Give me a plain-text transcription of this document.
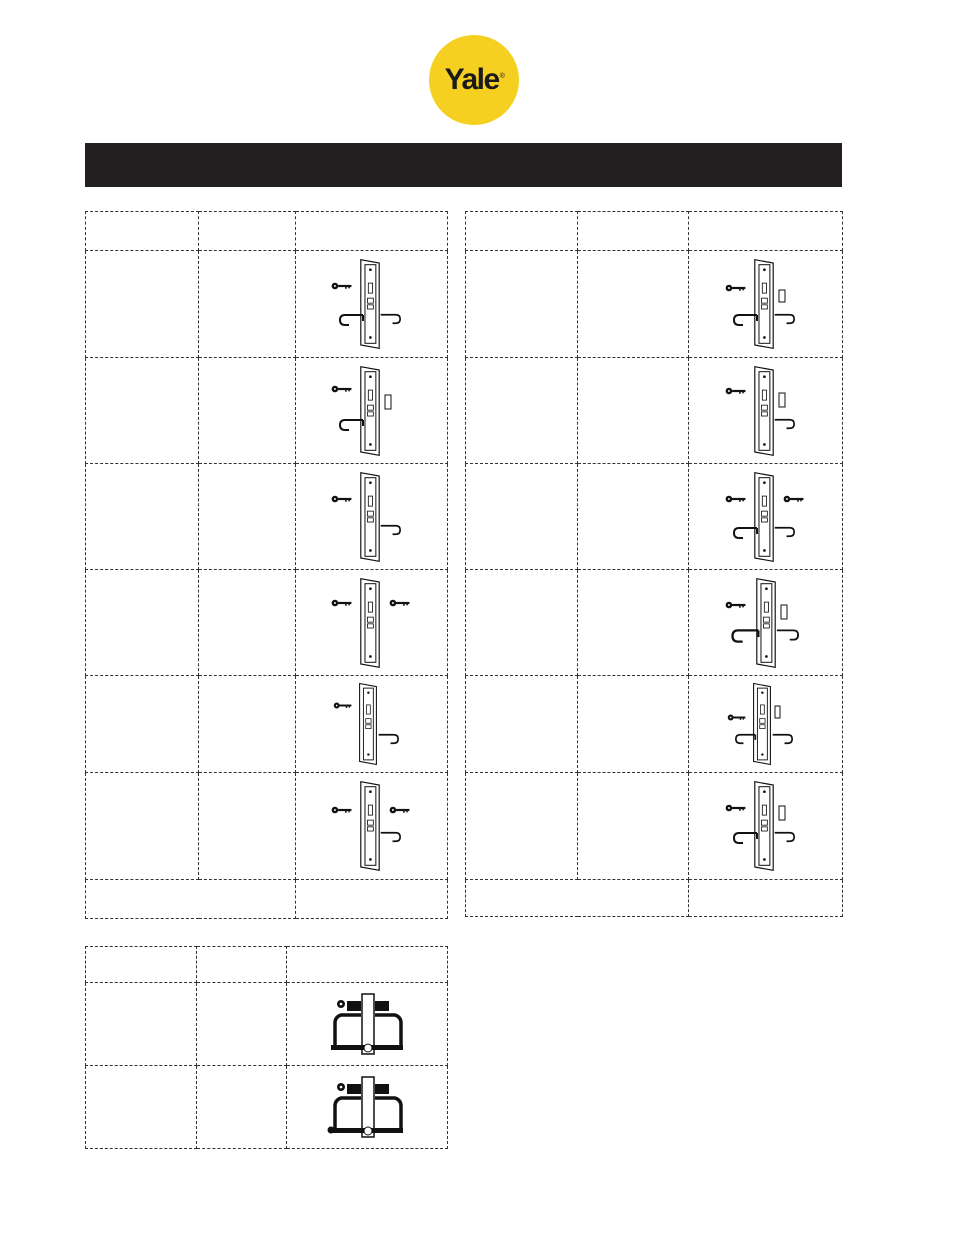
Yale®
